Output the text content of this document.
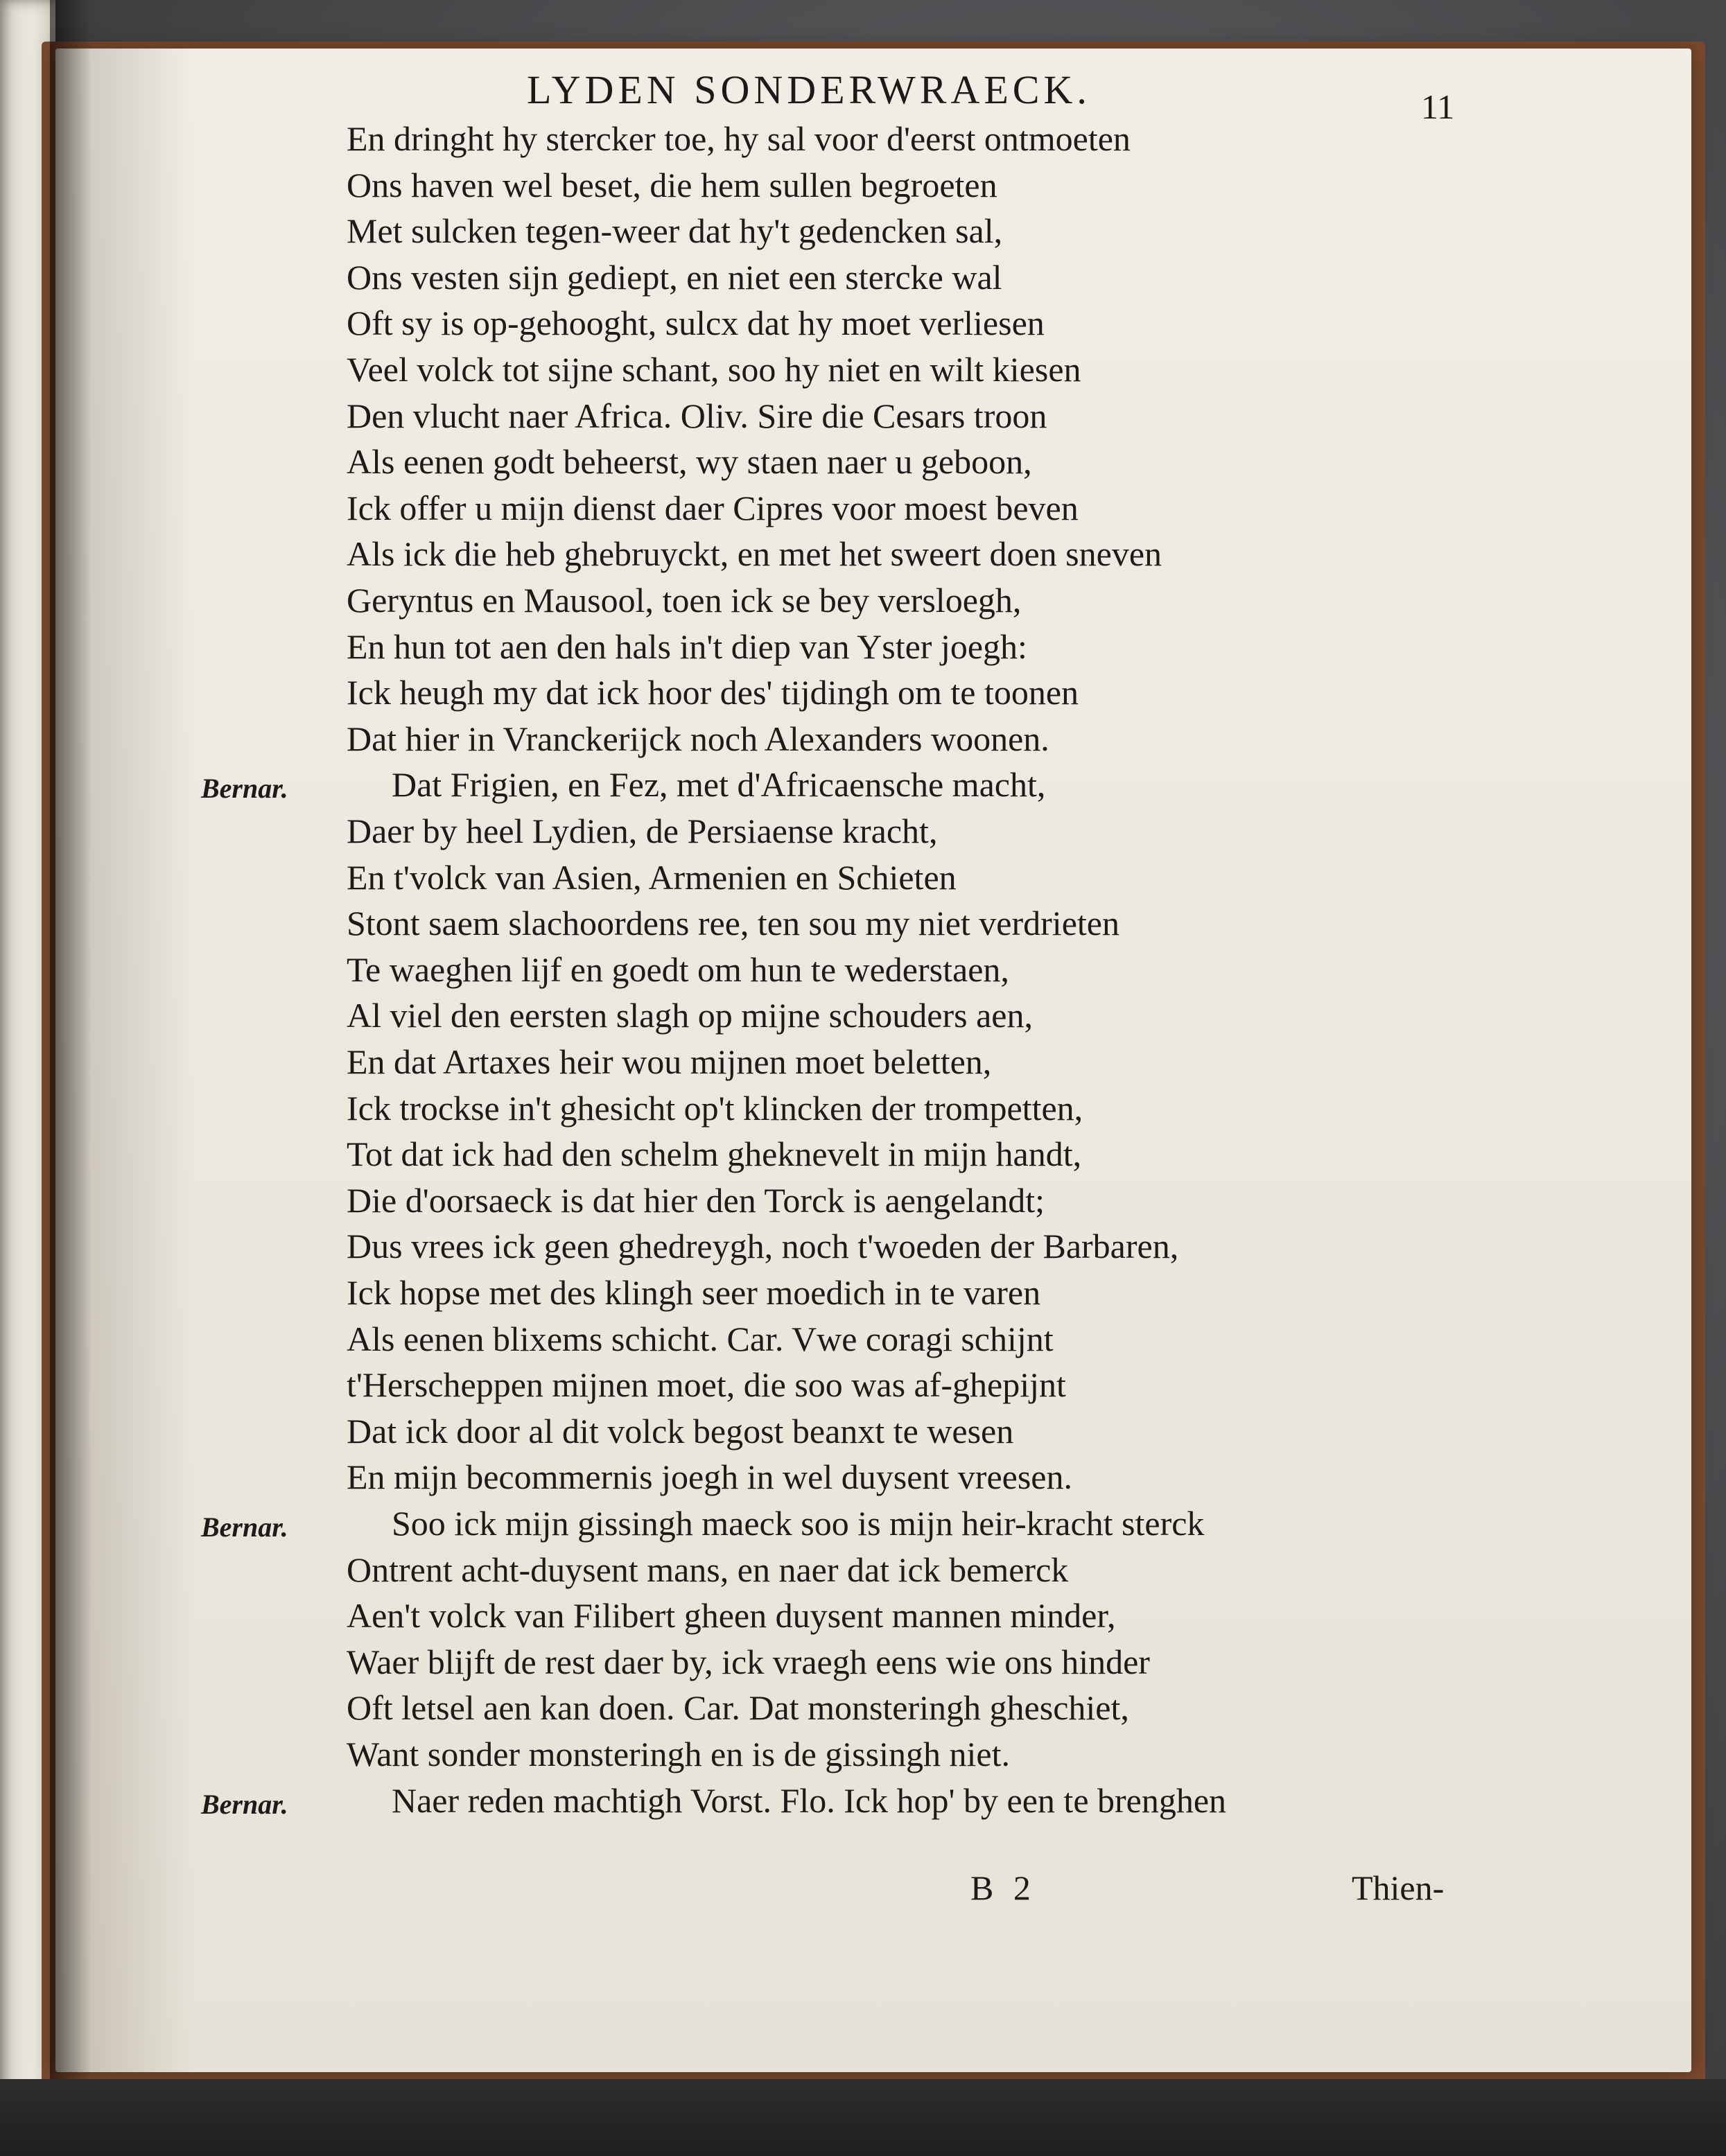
LYDEN SONDERWRAECK.	11
En dringht hy stercker toe, hy sal voor d'eerst ontmoeten
Ons haven wel beset, die hem sullen begroeten
Met sulcken tegen-weer dat hy't gedencken sal,
Ons vesten sijn gediept, en niet een stercke wal
Oft sy is op-gehooght, sulcx dat hy moet verliesen
Veel volck tot sijne schant, soo hy niet en wilt kiesen
Den vlucht naer Africa. Oliv. Sire die Cesars troon
Als eenen godt beheerst, wy staen naer u geboon,
Ick offer u mijn dienst daer Cipres voor moest beven
Als ick die heb ghebruyckt, en met het sweert doen sneven
Geryntus en Mausool, toen ick se bey versloegh,
En hun tot aen den hals in't diep van Yster joegh:
Ick heugh my dat ick hoor des' tijdingh om te toonen
Dat hier in Vranckerijck noch Alexanders woonen.
Dat Frigien, en Fez, met d'Africaensche macht,
Daer by heel Lydien, de Persiaense kracht,
En t'volck van Asien, Armenien en Schieten
Stont saem slachoordens ree, ten sou my niet verdrieten
Te waeghen lijf en goedt om hun te wederstaen,
Al viel den eersten slagh op mijne schouders aen,
En dat Artaxes heir wou mijnen moet beletten,
Ick trockse in't ghesicht op't klincken der trompetten,
Tot dat ick had den schelm gheknevelt in mijn handt,
Die d'oorsaeck is dat hier den Torck is aengelandt;
Dus vrees ick geen ghedreygh, noch t'woeden der Barbaren,
Ick hopse met des klingh seer moedich in te varen
Als eenen blixems schicht. Car. Vwe coragi schijnt
t'Herscheppen mijnen moet, die soo was af-ghepijnt
Dat ick door al dit volck begost beanxt te wesen
En mijn becommernis joegh in wel duysent vreesen.
Soo ick mijn gissingh maeck soo is mijn heir-kracht sterck
Ontrent acht-duysent mans, en naer dat ick bemerck
Aen't volck van Filibert gheen duysent mannen minder,
Waer blijft de rest daer by, ick vraegh eens wie ons hinder
Oft letsel aen kan doen. Car. Dat monsteringh gheschiet,
Want sonder monsteringh en is de gissingh niet.
Naer reden machtigh Vorst. Flo. Ick hop' by een te brenghen
Bernar.
Bernar.
Bernar.
B 2	Thien-
